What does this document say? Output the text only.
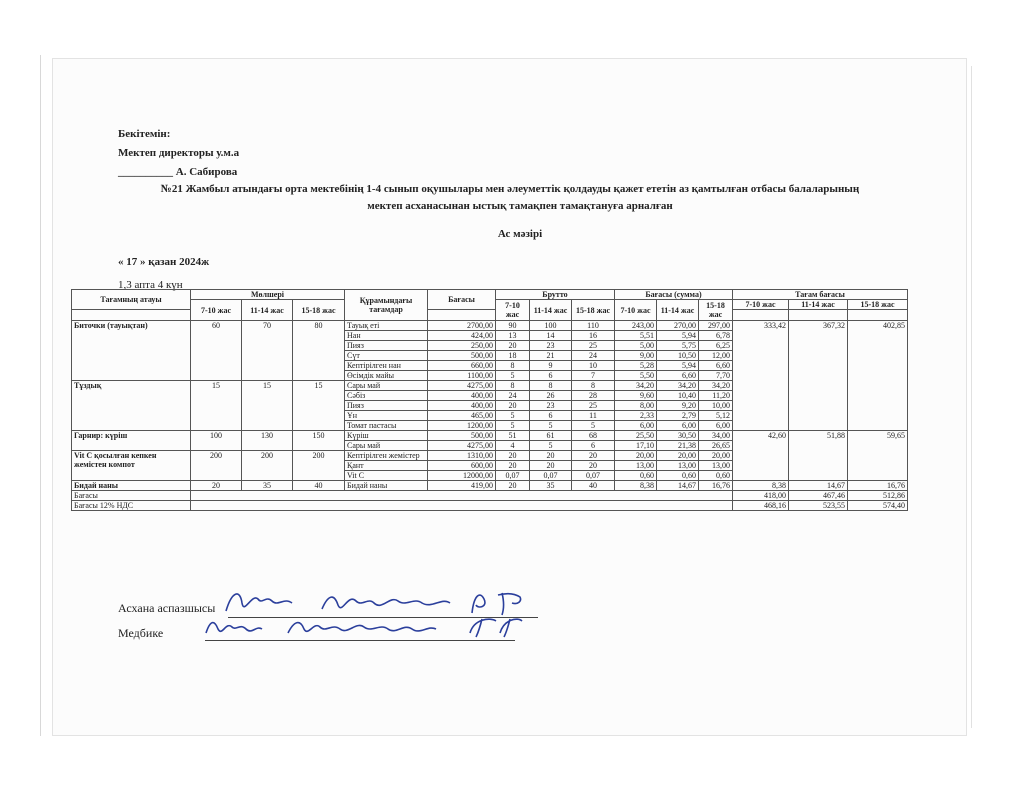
Бекітемін:
Мектеп директоры у.м.а
__________ А. Сабирова
№21 Жамбыл атындағы орта мектебінің 1-4 сынып оқушылары мен әлеуметтік қолдауды қажет ететін аз қамтылған отбасы балаларының
мектеп асханасынан ыстық тамақпен тамақтануға арналған
Ас мәзірі
« 17 » қазан 2024ж
1,3 апта 4 күн
Тағамның атауы	Мөлшері			Құрамындағы тағамдар	Бағасы	Брутто			Бағасы (сумма)			Тағам бағасы		
	7-10 жас	11-14 жас	15-18 жас			7-10 жас	11-14 жас	15-18 жас	7-10 жас	11-14 жас	15-18 жас	7-10 жас	11-14 жас	15-18 жас

Биточки (тауықтан)	60	70	80	Тауық еті	2700,00	90	100	110	243,00	270,00	297,00	333,42	367,32	402,85
				Нан	424,00	13	14	16	5,51	5,94	6,78			
				Пияз	250,00	20	23	25	5,00	5,75	6,25			
				Сүт	500,00	18	21	24	9,00	10,50	12,00			
				Кептірілген нан	660,00	8	9	10	5,28	5,94	6,60			
				Өсімдік майы	1100,00	5	6	7	5,50	6,60	7,70			
Тұздық	15	15	15	Сары май	4275,00	8	8	8	34,20	34,20	34,20			
				Сәбіз	400,00	24	26	28	9,60	10,40	11,20			
				Пияз	400,00	20	23	25	8,00	9,20	10,00			
				Ұн	465,00	5	6	11	2,33	2,79	5,12			
				Томат пастасы	1200,00	5	5	5	6,00	6,00	6,00			
Гарнир: күріш	100	130	150	Күріш	500,00	51	61	68	25,50	30,50	34,00	42,60	51,88	59,65
				Сары май	4275,00	4	5	6	17,10	21,38	26,65			
Vit C қосылған кепкен жемістен компот	200	200	200	Кептірілген жемістер	1310,00	20	20	20	20,00	20,00	20,00			
				Қант	600,00	20	20	20	13,00	13,00	13,00			
				Vit C	12000,00	0,07	0,07	0,07	0,60	0,60	0,60			
Бидай наны	20	35	40	Бидай наны	419,00	20	35	40	8,38	14,67	16,76	8,38	14,67	16,76
Бағасы												418,00	467,46	512,86
Бағасы 12% НДС												468,16	523,55	574,40
Асхана аспазшысы
Медбике
